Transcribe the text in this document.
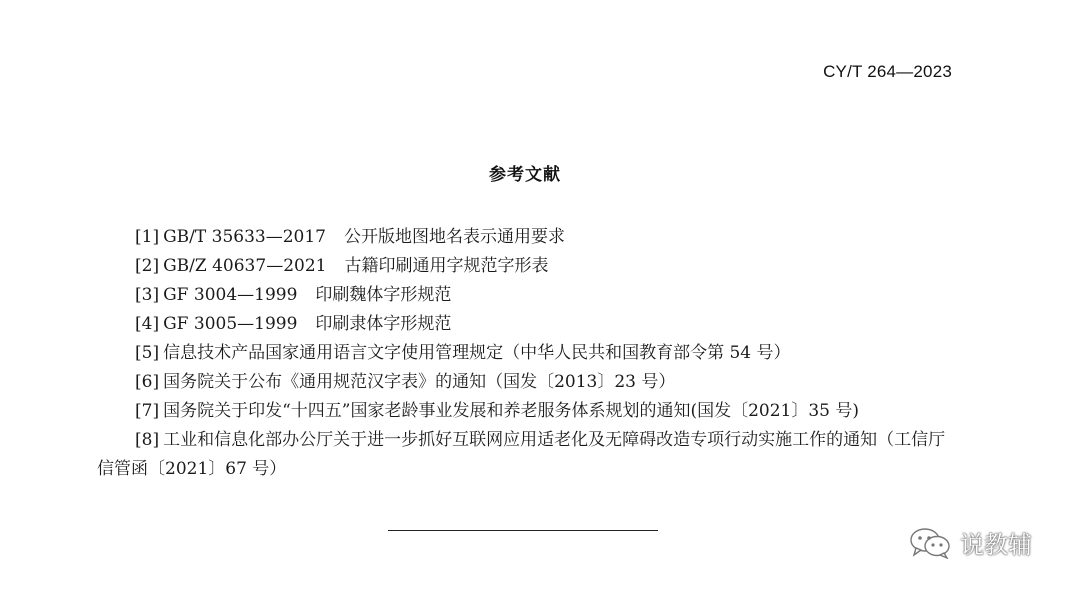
CY/T 264—2023
参考文献

[1] GB/T 35633—2017 公开版地图地名表示通用要求

[2] GB/Z 40637—2021 古籍印刷通用字规范字形表

[3] GF 3004—1999 印刷魏体字形规范

[4] GF 3005—1999 印刷隶体字形规范

[5] 信息技术产品国家通用语言文字使用管理规定（中华人民共和国教育部令第 54 号）

[6] 国务院关于公布《通用规范汉字表》的通知（国发〔2013〕23 号）

[7] 国务院关于印发“十四五”国家老龄事业发展和养老服务体系规划的通知(国发〔2021〕35 号)

[8] 工业和信息化部办公厅关于进一步抓好互联网应用适老化及无障碍改造专项行动实施工作的通知（工信厅信管函〔2021〕67 号）

说教辅
